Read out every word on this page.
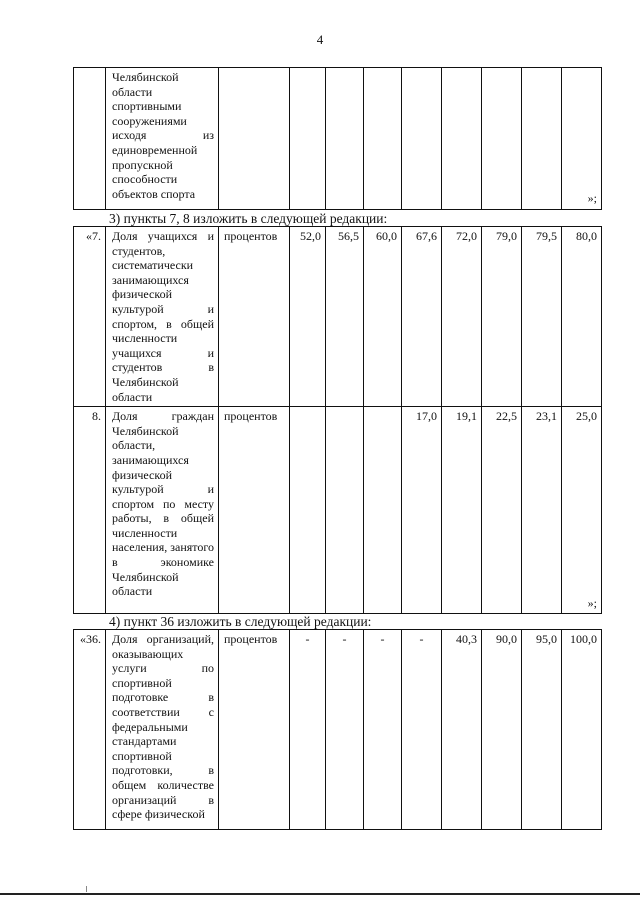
4
	Челябинской области спортивными сооружениями исходя из единовременной пропускной способности объектов спорта									»;
3) пункты 7, 8 изложить в следующей редакции:
«7.	Доля учащихся и студентов, систематически занимающихся физической культурой и спортом, в общей численности учащихся и студентов в Челябинской области	процентов	52,0	56,5	60,0	67,6	72,0	79,0	79,5	80,0
8.	Доля граждан Челябинской области, занимающихся физической культурой и спортом по месту работы, в общей численности населения, занятого в экономике Челябинской области	процентов				17,0	19,1	22,5	23,1	25,0
»;
4) пункт 36 изложить в следующей редакции:
«36.	Доля организаций, оказывающих услуги по спортивной подготовке в соответствии с федеральными стандартами спортивной подготовки, в общем количестве организаций в сфере физической	процентов	-	-	-	-	40,3	90,0	95,0	100,0
